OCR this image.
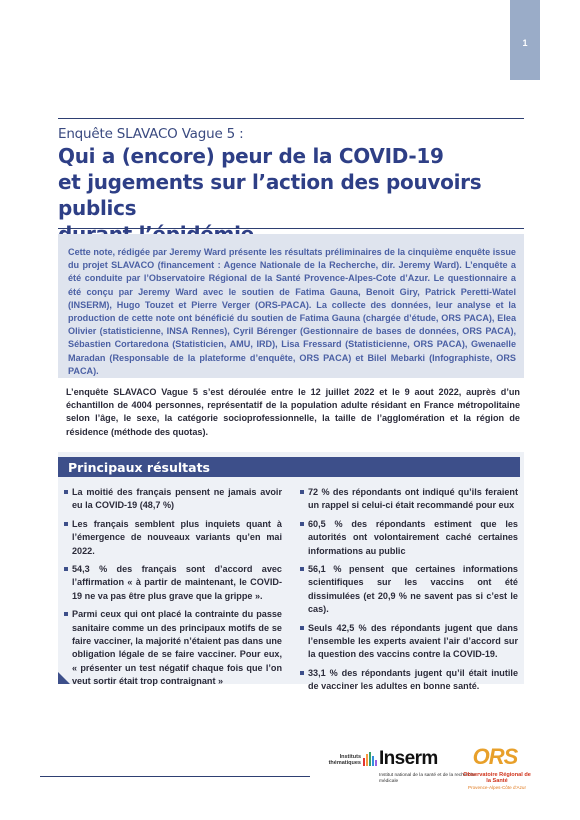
1
Enquête SLAVACO Vague 5 :
Qui a (encore) peur de la COVID-19
et jugements sur l’action des pouvoirs publics

Cette note, rédigée par Jeremy Ward présente les résultats préliminaires de la cinquième enquête issue du projet SLAVACO (financement : Agence Nationale de la Recherche, dir. Jeremy Ward). L’enquête a été conduite par l’Observatoire Régional de la Santé Provence-Alpes-Cote d’Azur. Le questionnaire a été conçu par Jeremy Ward avec le soutien de Fatima Gauna, Benoit Giry, Patrick Peretti-Watel (INSERM), Hugo Touzet et Pierre Verger (ORS-PACA). La collecte des données, leur analyse et la production de cette note ont bénéficié du soutien de Fatima Gauna (chargée d’étude, ORS PACA), Elea Olivier (statisticienne, INSA Rennes), Cyril Bérenger (Gestionnaire de bases de données, ORS PACA), Sébastien Cortaredona (Statisticien, AMU, IRD), Lisa Fressard (Statisticienne, ORS PACA), Gwenaelle Maradan (Responsable de la plateforme d’enquête, ORS PACA) et Bilel Mebarki (Infographiste, ORS PACA).

L’enquête SLAVACO Vague 5 s’est déroulée entre le 12 juillet 2022 et le 9 aout 2022, auprès d’un échantillon de 4004 personnes, représentatif de la population adulte résidant en France métropolitaine selon l’âge, le sexe, la catégorie socioprofessionnelle, la taille de l’agglomération et la région de résidence (méthode des quotas).

Principaux résultats
La moitié des français pensent ne jamais avoir eu la COVID-19 (48,7 %)
Les français semblent plus inquiets quant à l’émergence de nouveaux variants qu’en mai 2022.
54,3 % des français sont d’accord avec l’affirmation « à partir de maintenant, le COVID-19 ne va pas être plus grave que la grippe ».
Parmi ceux qui ont placé la contrainte du passe sanitaire comme un des principaux motifs de se faire vacciner, la majorité n’étaient pas dans une obligation légale de se faire vacciner. Pour eux, « présenter un test négatif chaque fois que l’on veut sortir était trop contraignant »
72 % des répondants ont indiqué qu’ils feraient un rappel si celui-ci était recommandé pour eux
60,5 % des répondants estiment que les autorités ont volontairement caché certaines informations au public
56,1 % pensent que certaines informations scientifiques sur les vaccins ont été dissimulées (et 20,9 % ne savent pas si c’est le cas).
Seuls 42,5 % des répondants jugent que dans l’ensemble les experts avaient l’air d’accord sur la question des vaccins contre la COVID-19.
33,1 % des répondants jugent qu’il était inutile de vacciner les adultes en bonne santé.
Instituts thématiques Inserm
Institut national de la santé et de la recherche médicale
ORS
Observatoire Régional de la Santé
Provence-Alpes-Côte d’Azur
